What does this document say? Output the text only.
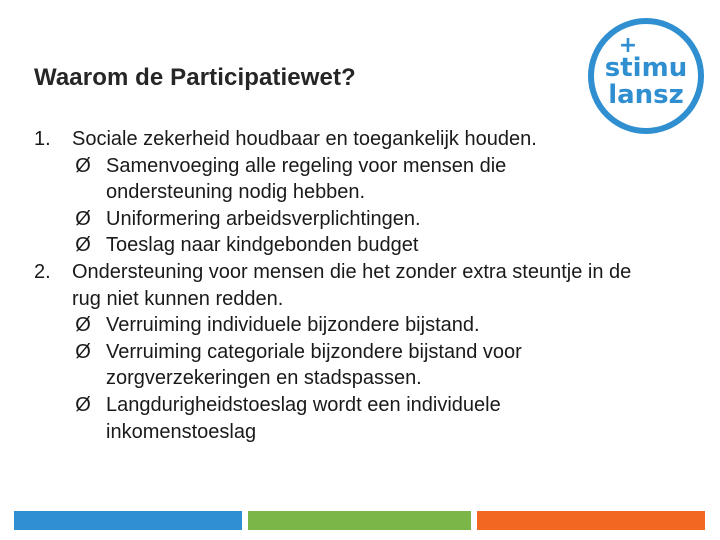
Waarom de Participatiewet?
+
stimu
lansz
1. Sociale zekerheid houdbaar en toegankelijk houden.
Ø Samenvoeging alle regeling voor mensen die ondersteuning nodig hebben.
Ø Uniformering arbeidsverplichtingen.
Ø Toeslag naar kindgebonden budget
2. Ondersteuning voor mensen die het zonder extra steuntje in de rug niet kunnen redden.
Ø Verruiming individuele bijzondere bijstand.
Ø Verruiming categoriale bijzondere bijstand voor zorgverzekeringen en stadspassen.
Ø Langdurigheidstoeslag wordt een individuele inkomenstoeslag
